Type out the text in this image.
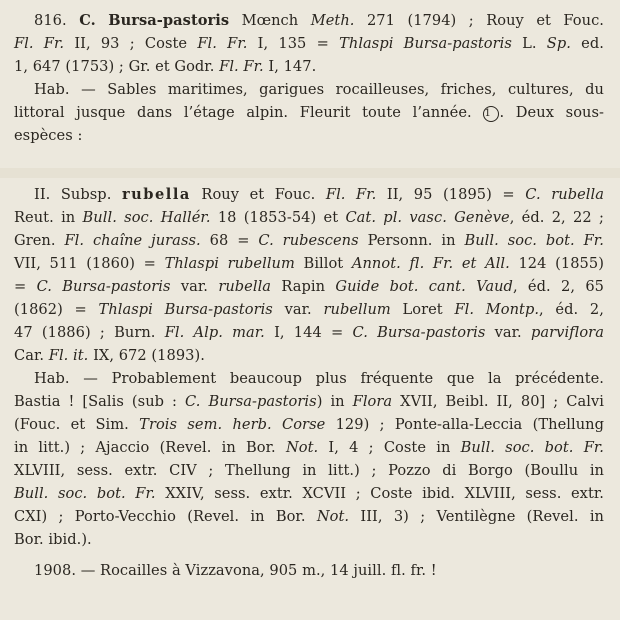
816. C. Bursa-pastoris Mœnch Meth. 271 (1794) ; Rouy et Fouc.
Fl. Fr. II, 93 ; Coste Fl. Fr. I, 135 = Thlaspi Bursa-pastoris L. Sp. ed.
1, 647 (1753) ; Gr. et Godr. Fl. Fr. I, 147.
Hab. — Sables maritimes, garigues rocailleuses, friches, cultures, du
littoral jusque dans l’étage alpin. Fleurit toute l’année. 1 . Deux sous-
espèces :
II. Subsp. rubella Rouy et Fouc. Fl. Fr. II, 95 (1895) = C. rubella
Reut. in Bull. soc. Hallér. 18 (1853-54) et Cat. pl. vasc. Genève, éd. 2, 22 ;
Gren. Fl. chaîne jurass. 68 = C. rubescens Personn. in Bull. soc. bot. Fr.
VII, 511 (1860) = Thlaspi rubellum Billot Annot. fl. Fr. et All. 124 (1855)
= C. Bursa-pastoris var. rubella Rapin Guide bot. cant. Vaud, éd. 2, 65
(1862) = Thlaspi Bursa-pastoris var. rubellum Loret Fl. Montp., éd. 2,
47 (1886) ; Burn. Fl. Alp. mar. I, 144 = C. Bursa-pastoris var. parviflora
Car. Fl. it. IX, 672 (1893).
Hab. — Probablement beaucoup plus fréquente que la précédente.
Bastia ! [Salis (sub : C. Bursa-pastoris) in Flora XVII, Beibl. II, 80] ; Calvi
(Fouc. et Sim. Trois sem. herb. Corse 129) ; Ponte-alla-Leccia (Thellung
in litt.) ; Ajaccio (Revel. in Bor. Not. I, 4 ; Coste in Bull. soc. bot. Fr.
XLVIII, sess. extr. CIV ; Thellung in litt.) ; Pozzo di Borgo (Boullu in
Bull. soc. bot. Fr. XXIV, sess. extr. XCVII ; Coste ibid. XLVIII, sess. extr.
CXI) ; Porto-Vecchio (Revel. in Bor. Not. III, 3) ; Ventilègne (Revel. in
Bor. ibid.).
1908. — Rocailles à Vizzavona, 905 m., 14 juill. fl. fr. !
